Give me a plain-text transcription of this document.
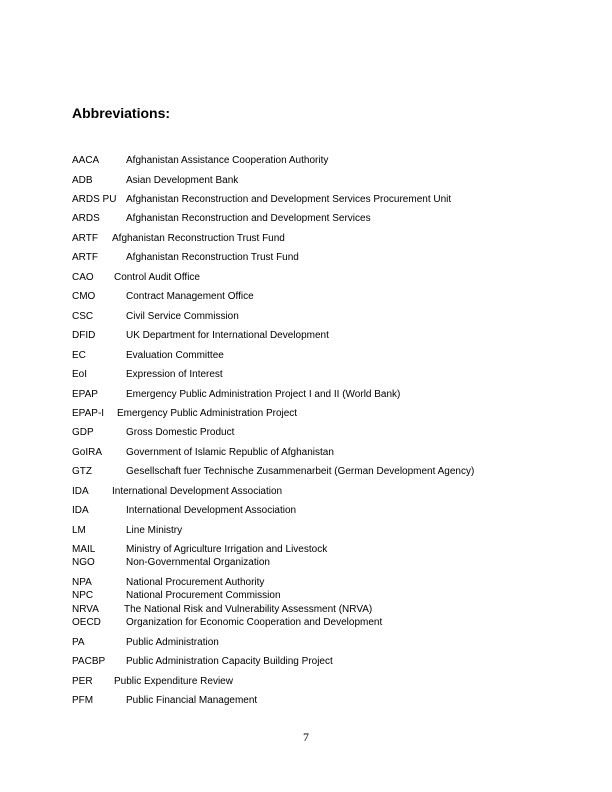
Abbreviations:
AACA	Afghanistan Assistance Cooperation Authority
ADB	Asian Development Bank
ARDS PU Afghanistan Reconstruction and Development Services Procurement Unit
ARDS	Afghanistan Reconstruction and Development Services
ARTF Afghanistan Reconstruction Trust Fund
ARTF	Afghanistan Reconstruction Trust Fund
CAO Control Audit Office
CMO	Contract Management Office
CSC	Civil Service Commission
DFID	UK Department for International Development
EC	Evaluation Committee
EoI	Expression of Interest
EPAP	Emergency Public Administration Project I and II (World Bank)
EPAP-I Emergency Public Administration Project
GDP	Gross Domestic Product
GoIRA Government of Islamic Republic of Afghanistan
GTZ	Gesellschaft fuer Technische Zusammenarbeit (German Development Agency)
IDA International Development Association
IDA	International Development Association
LM	Line Ministry
MAIL	Ministry of Agriculture Irrigation and Livestock
NGO	Non-Governmental Organization
NPA	National Procurement Authority
NPC	National Procurement Commission
NRVA	The National Risk and Vulnerability Assessment (NRVA)
OECD	Organization for Economic Cooperation and Development
PA	Public Administration
PACBP Public Administration Capacity Building Project
PER Public Expenditure Review
PFM	Public Financial Management
7
